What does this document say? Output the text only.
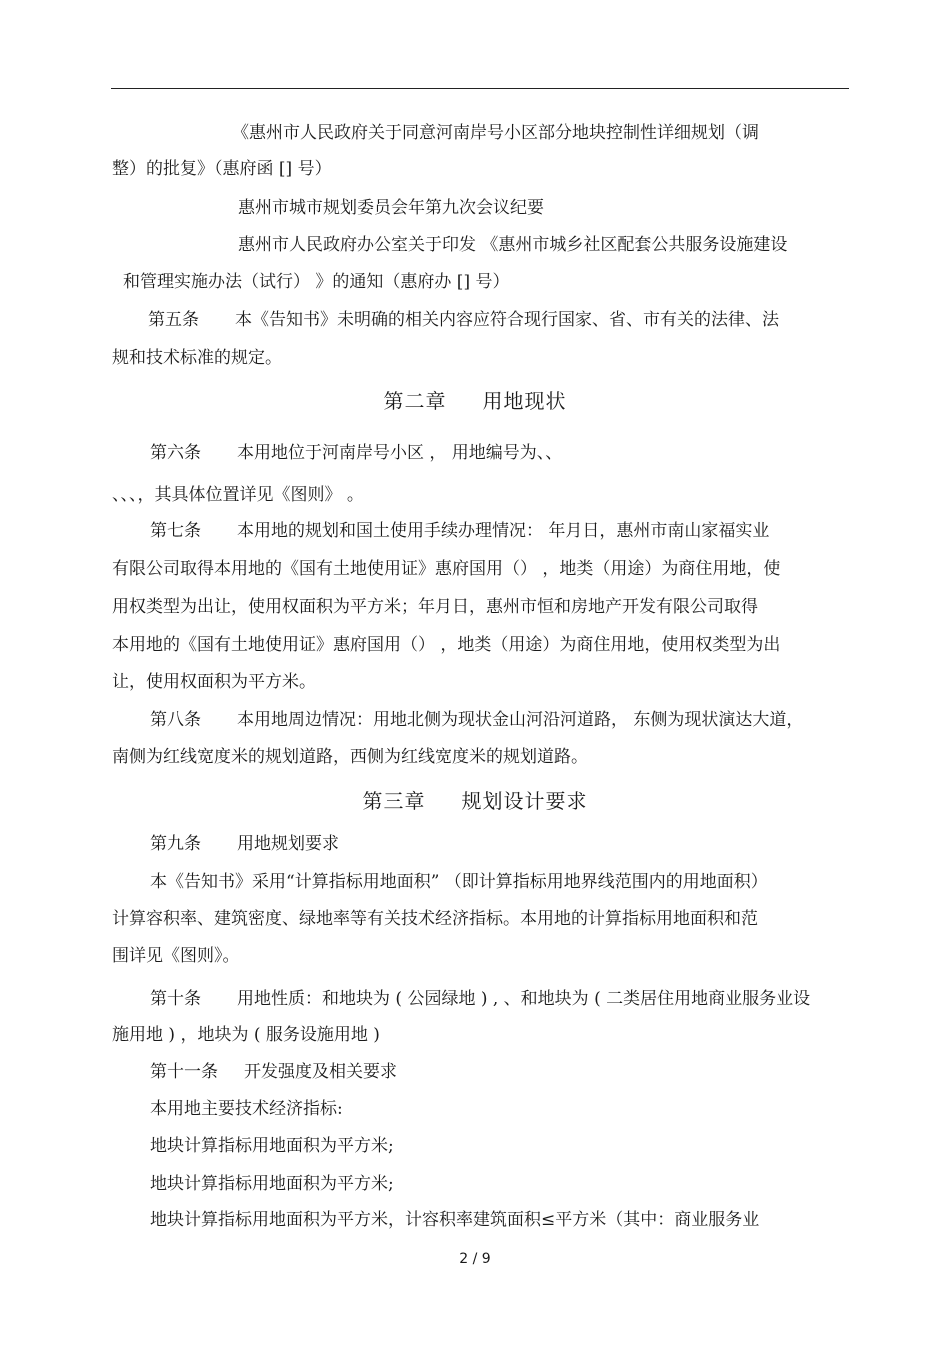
《惠州市人民政府关于同意河南岸号小区部分地块控制性详细规划（调
整）的批复》（惠府函 [] 号）
惠州市城市规划委员会年第九次会议纪要
惠州市人民政府办公室关于印发 《惠州市城乡社区配套公共服务设施建设
和管理实施办法（试行） 》的通知（惠府办 [] 号）
第五条 本《告知书》未明确的相关内容应符合现行国家、省、市有关的法律、法
规和技术标准的规定。
第二章 用地现状
第六条 本用地位于河南岸号小区 ， 用地编号为、、
、、、，其具体位置详见《图则》 。
第七条 本用地的规划和国土使用手续办理情况： 年月日，惠州市南山家福实业
有限公司取得本用地的《国有土地使用证》惠府国用（） ，地类（用途）为商住用地，使
用权类型为出让，使用权面积为平方米；年月日，惠州市恒和房地产开发有限公司取得
本用地的《国有土地使用证》惠府国用（） ，地类（用途）为商住用地，使用权类型为出
让，使用权面积为平方米。
第八条 本用地周边情况：用地北侧为现状金山河沿河道路， 东侧为现状演达大道，
南侧为红线宽度米的规划道路，西侧为红线宽度米的规划道路。
第三章 规划设计要求
第九条 用地规划要求
本《告知书》采用“计算指标用地面积” （即计算指标用地界线范围内的用地面积）
计算容积率、建筑密度、绿地率等有关技术经济指标。本用地的计算指标用地面积和范
围详见《图则》。
第十条 用地性质：和地块为 ( 公园绿地 ) , 、和地块为 ( 二类居住用地商业服务业设
施用地 ) ，地块为 ( 服务设施用地 )
第十一条 开发强度及相关要求
本用地主要技术经济指标:
地块计算指标用地面积为平方米;
地块计算指标用地面积为平方米;
地块计算指标用地面积为平方米，计容积率建筑面积≤平方米（其中：商业服务业
2 / 9
